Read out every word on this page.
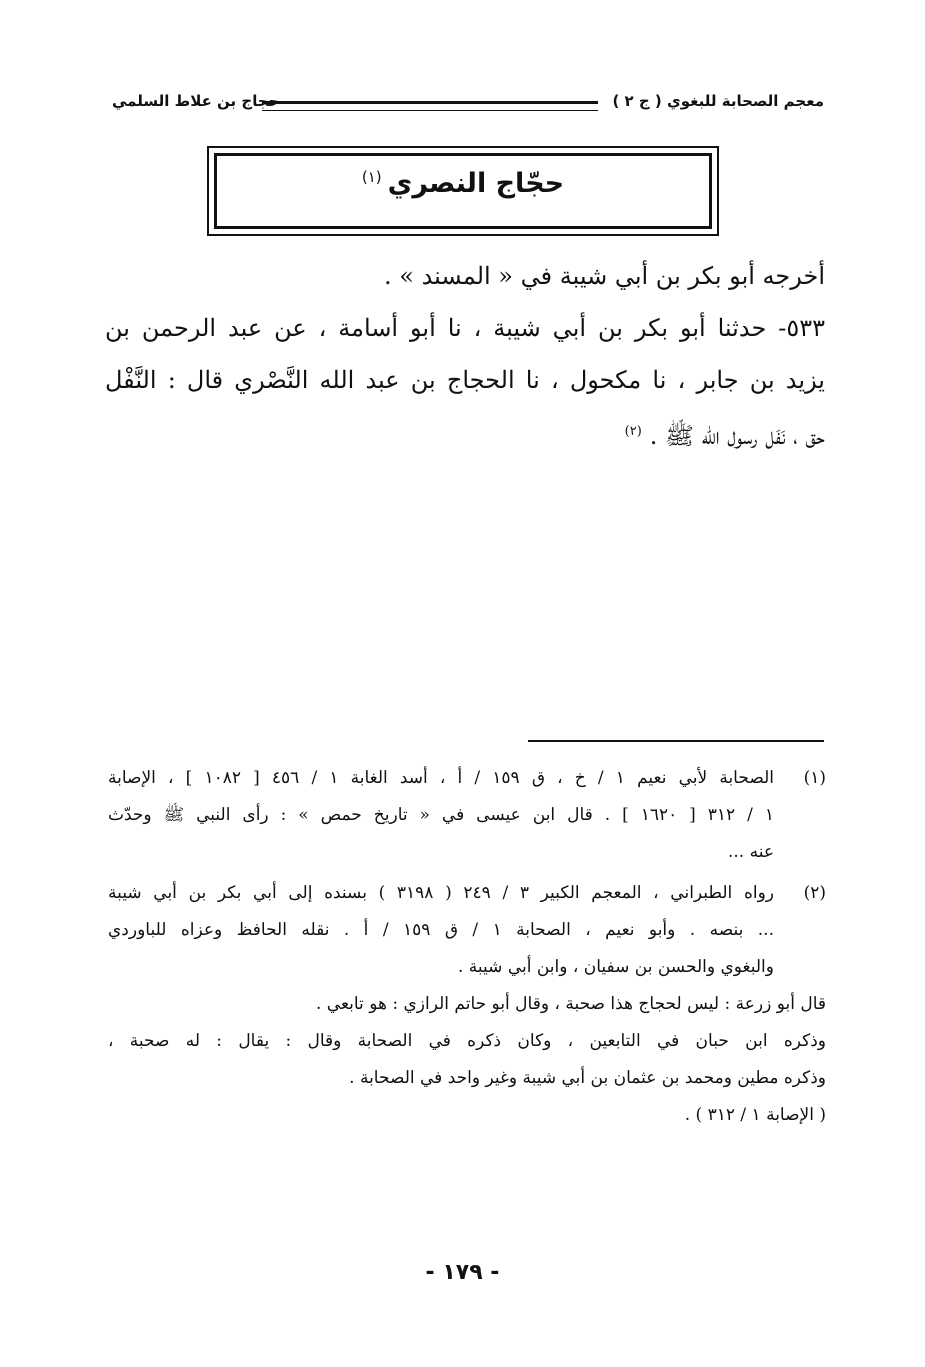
معجم الصحابة للبغوي ( ج ٢ )
حجاج بن علاط السلمي
حجّاج النصري$^{(١)}$

أخرجه أبو بكر بن أبي شيبة في « المسند » .

٥٣٣- حدثنا أبو بكر بن أبي شيبة ، نا أبو أسامة ، عن عبد الرحمن بن

يزيد بن جابر ، نا مكحول ، نا الحجاج بن عبد الله النَّصْري قال : النَّفْل

حق ، نَفَل رسول الله ﷺ .$^{(٢)}$

(١)
الصحابة لأبي نعيم ١ / خ ، ق ١٥٩ / أ ، أسد الغابة ١ / ٤٥٦ [ ١٠٨٢ ] ، الإصابة
١ / ٣١٢ [ ١٦٢٠ ] . قال ابن عيسى في « تاريخ حمص » : رأى النبي ﷺ وحدّث
عنه ...
(٢)
رواه الطبراني ، المعجم الكبير ٣ / ٢٤٩ ( ٣١٩٨ ) بسنده إلى أبي بكر بن أبي شيبة
... بنصه . وأبو نعيم ، الصحابة ١ / ق ١٥٩ / أ . نقله الحافظ وعزاه للباوردي
والبغوي والحسن بن سفيان ، وابن أبي شيبة .
قال أبو زرعة : ليس لحجاج هذا صحبة ، وقال أبو حاتم الرازي : هو تابعي .
وذكره ابن حبان في التابعين ، وكان ذكره في الصحابة وقال : يقال : له صحبة ،
وذكره مطين ومحمد بن عثمان بن أبي شيبة وغير واحد في الصحابة .
( الإصابة ١ / ٣١٢ ) .
- ١٧٩ -
